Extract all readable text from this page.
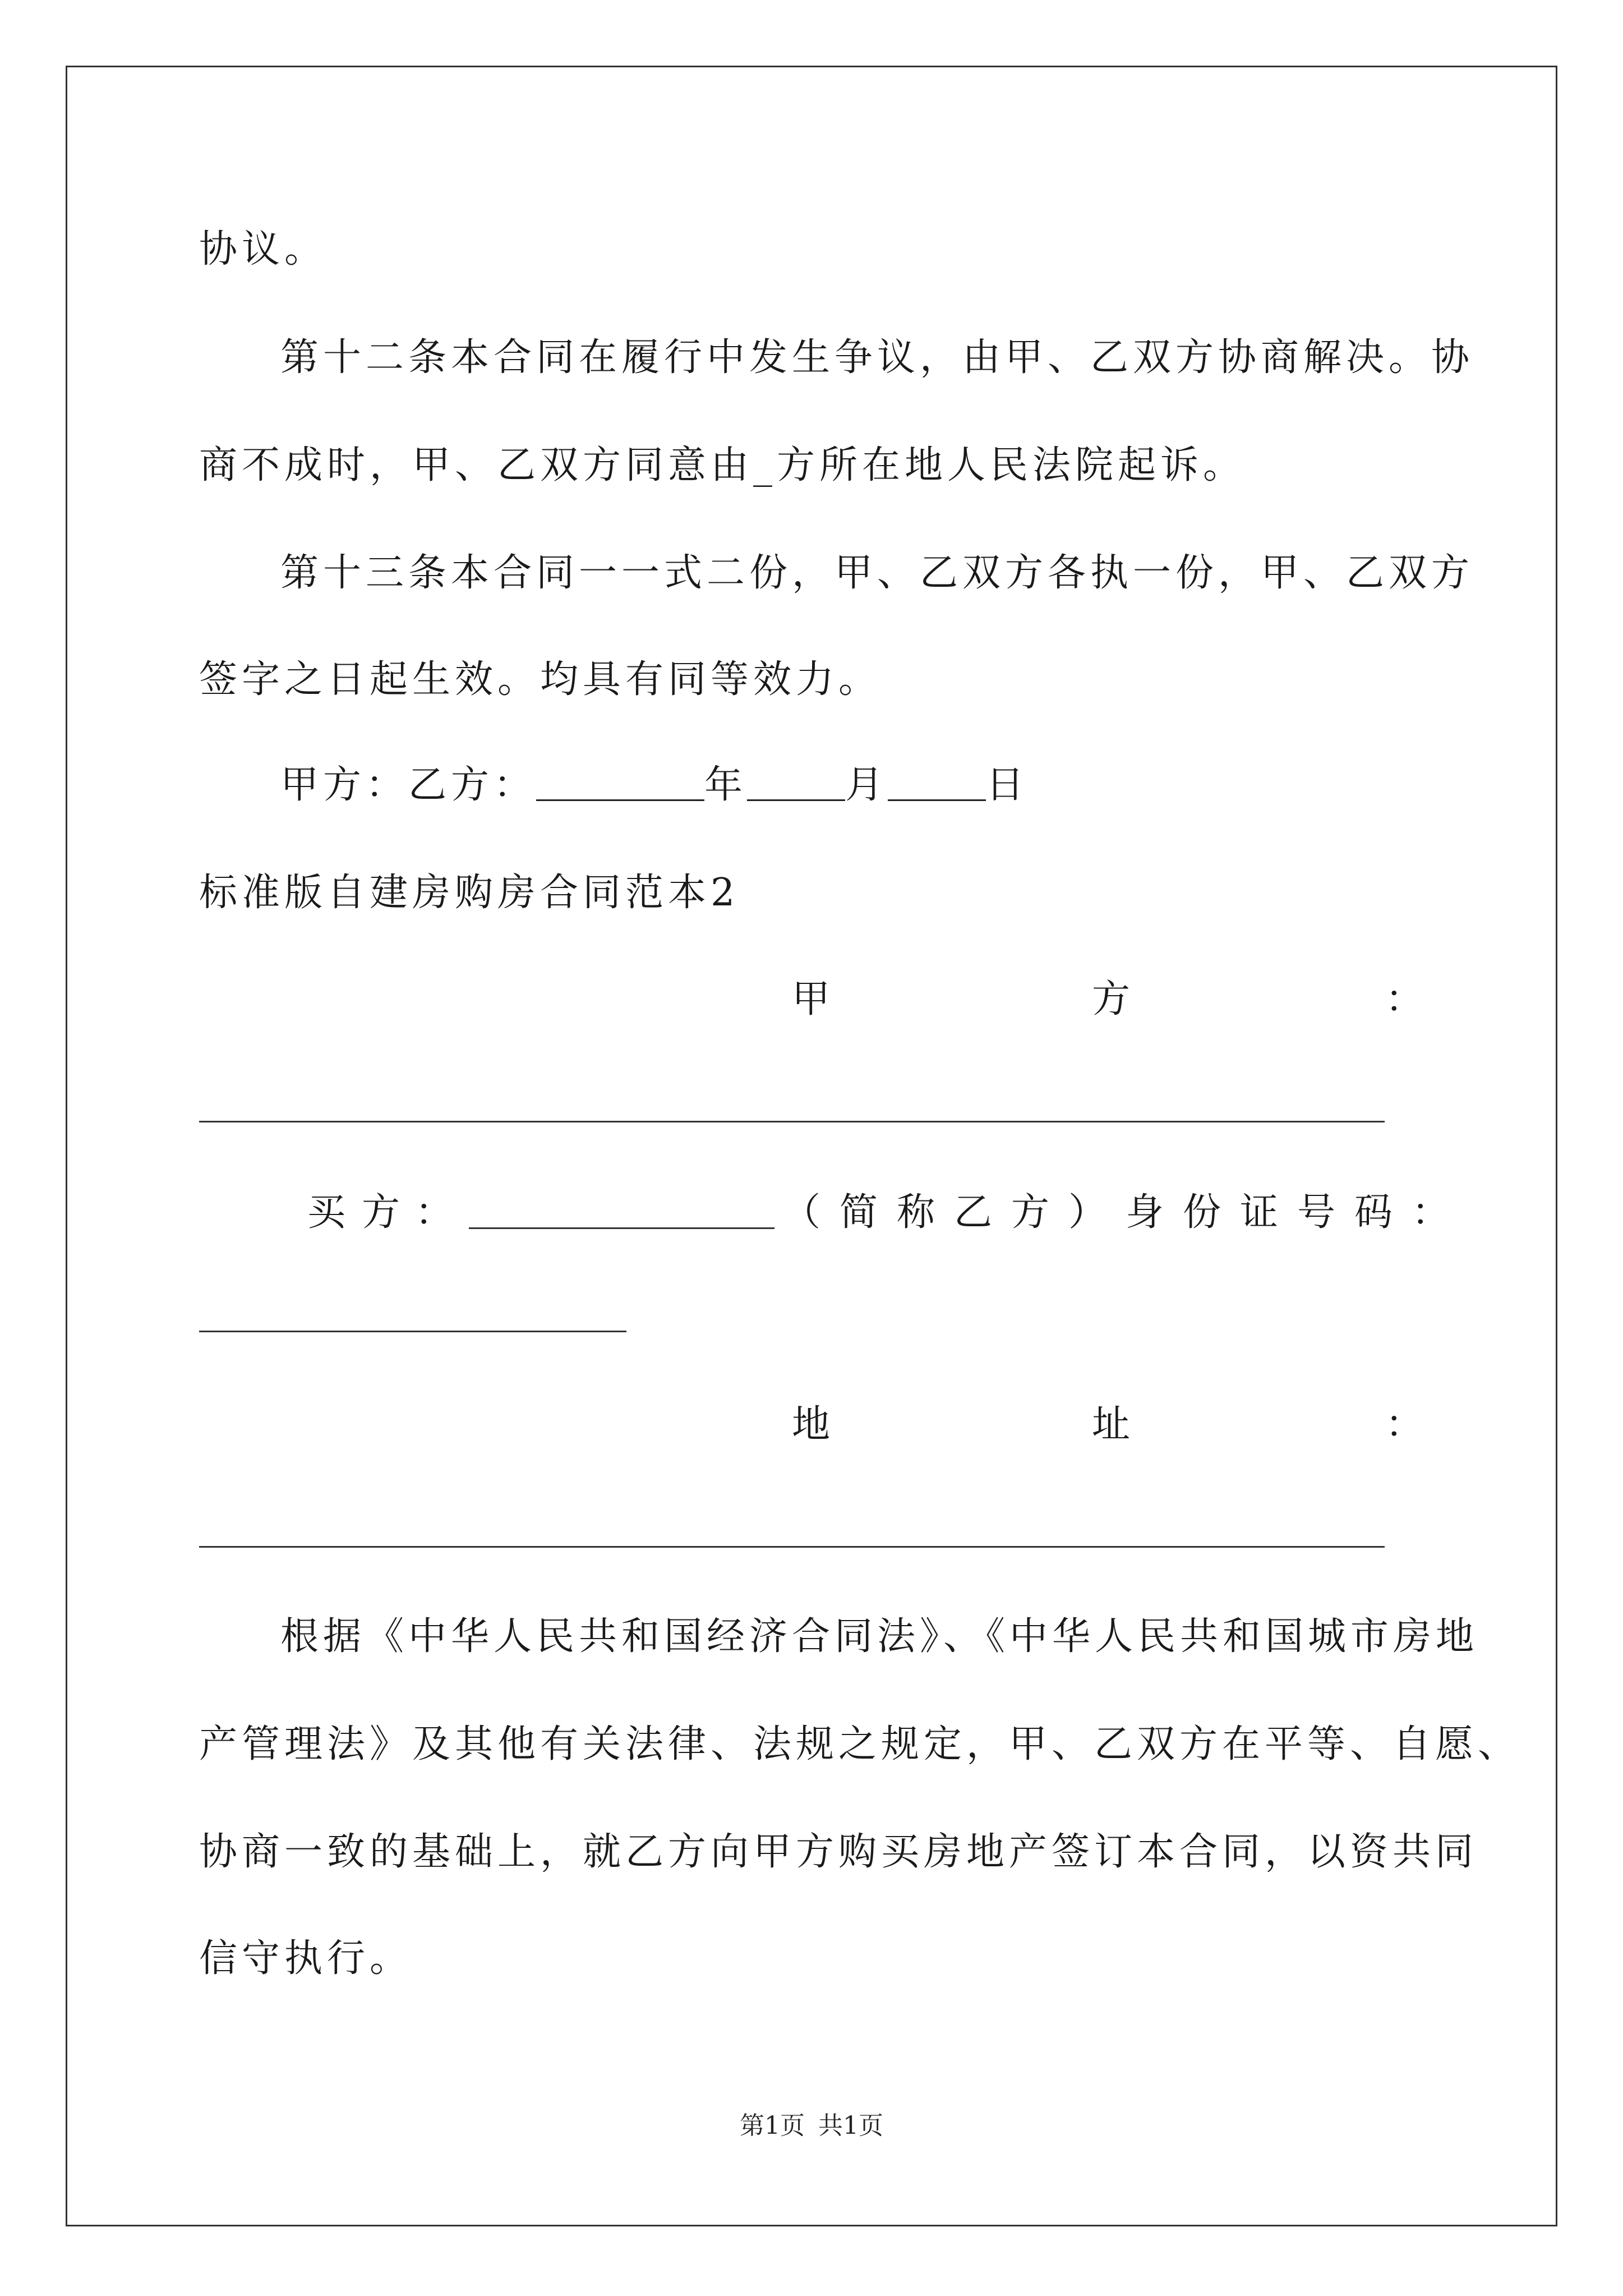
协议。
第十二条本合同在履行中发生争议，由甲、乙双方协商解决。协
商不成时，甲、乙双方同意由_方所在地人民法院起诉。
第十三条本合同一一式二份，甲、乙双方各执一份，甲、乙双方
签字之日起生效。均具有同等效力。
甲方：乙方：	年	月	日
标准版自建房购房合同范本2
甲	方	：
买 方 ：	（简称乙方）身份证号码：
地	址	：
根据《中华人民共和国经济合同法》、《中华人民共和国城市房地
产管理法》及其他有关法律、法规之规定，甲、乙双方在平等、自愿、
协商一致的基础上，就乙方向甲方购买房地产签订本合同，以资共同
信守执行。
第1页 共1页
